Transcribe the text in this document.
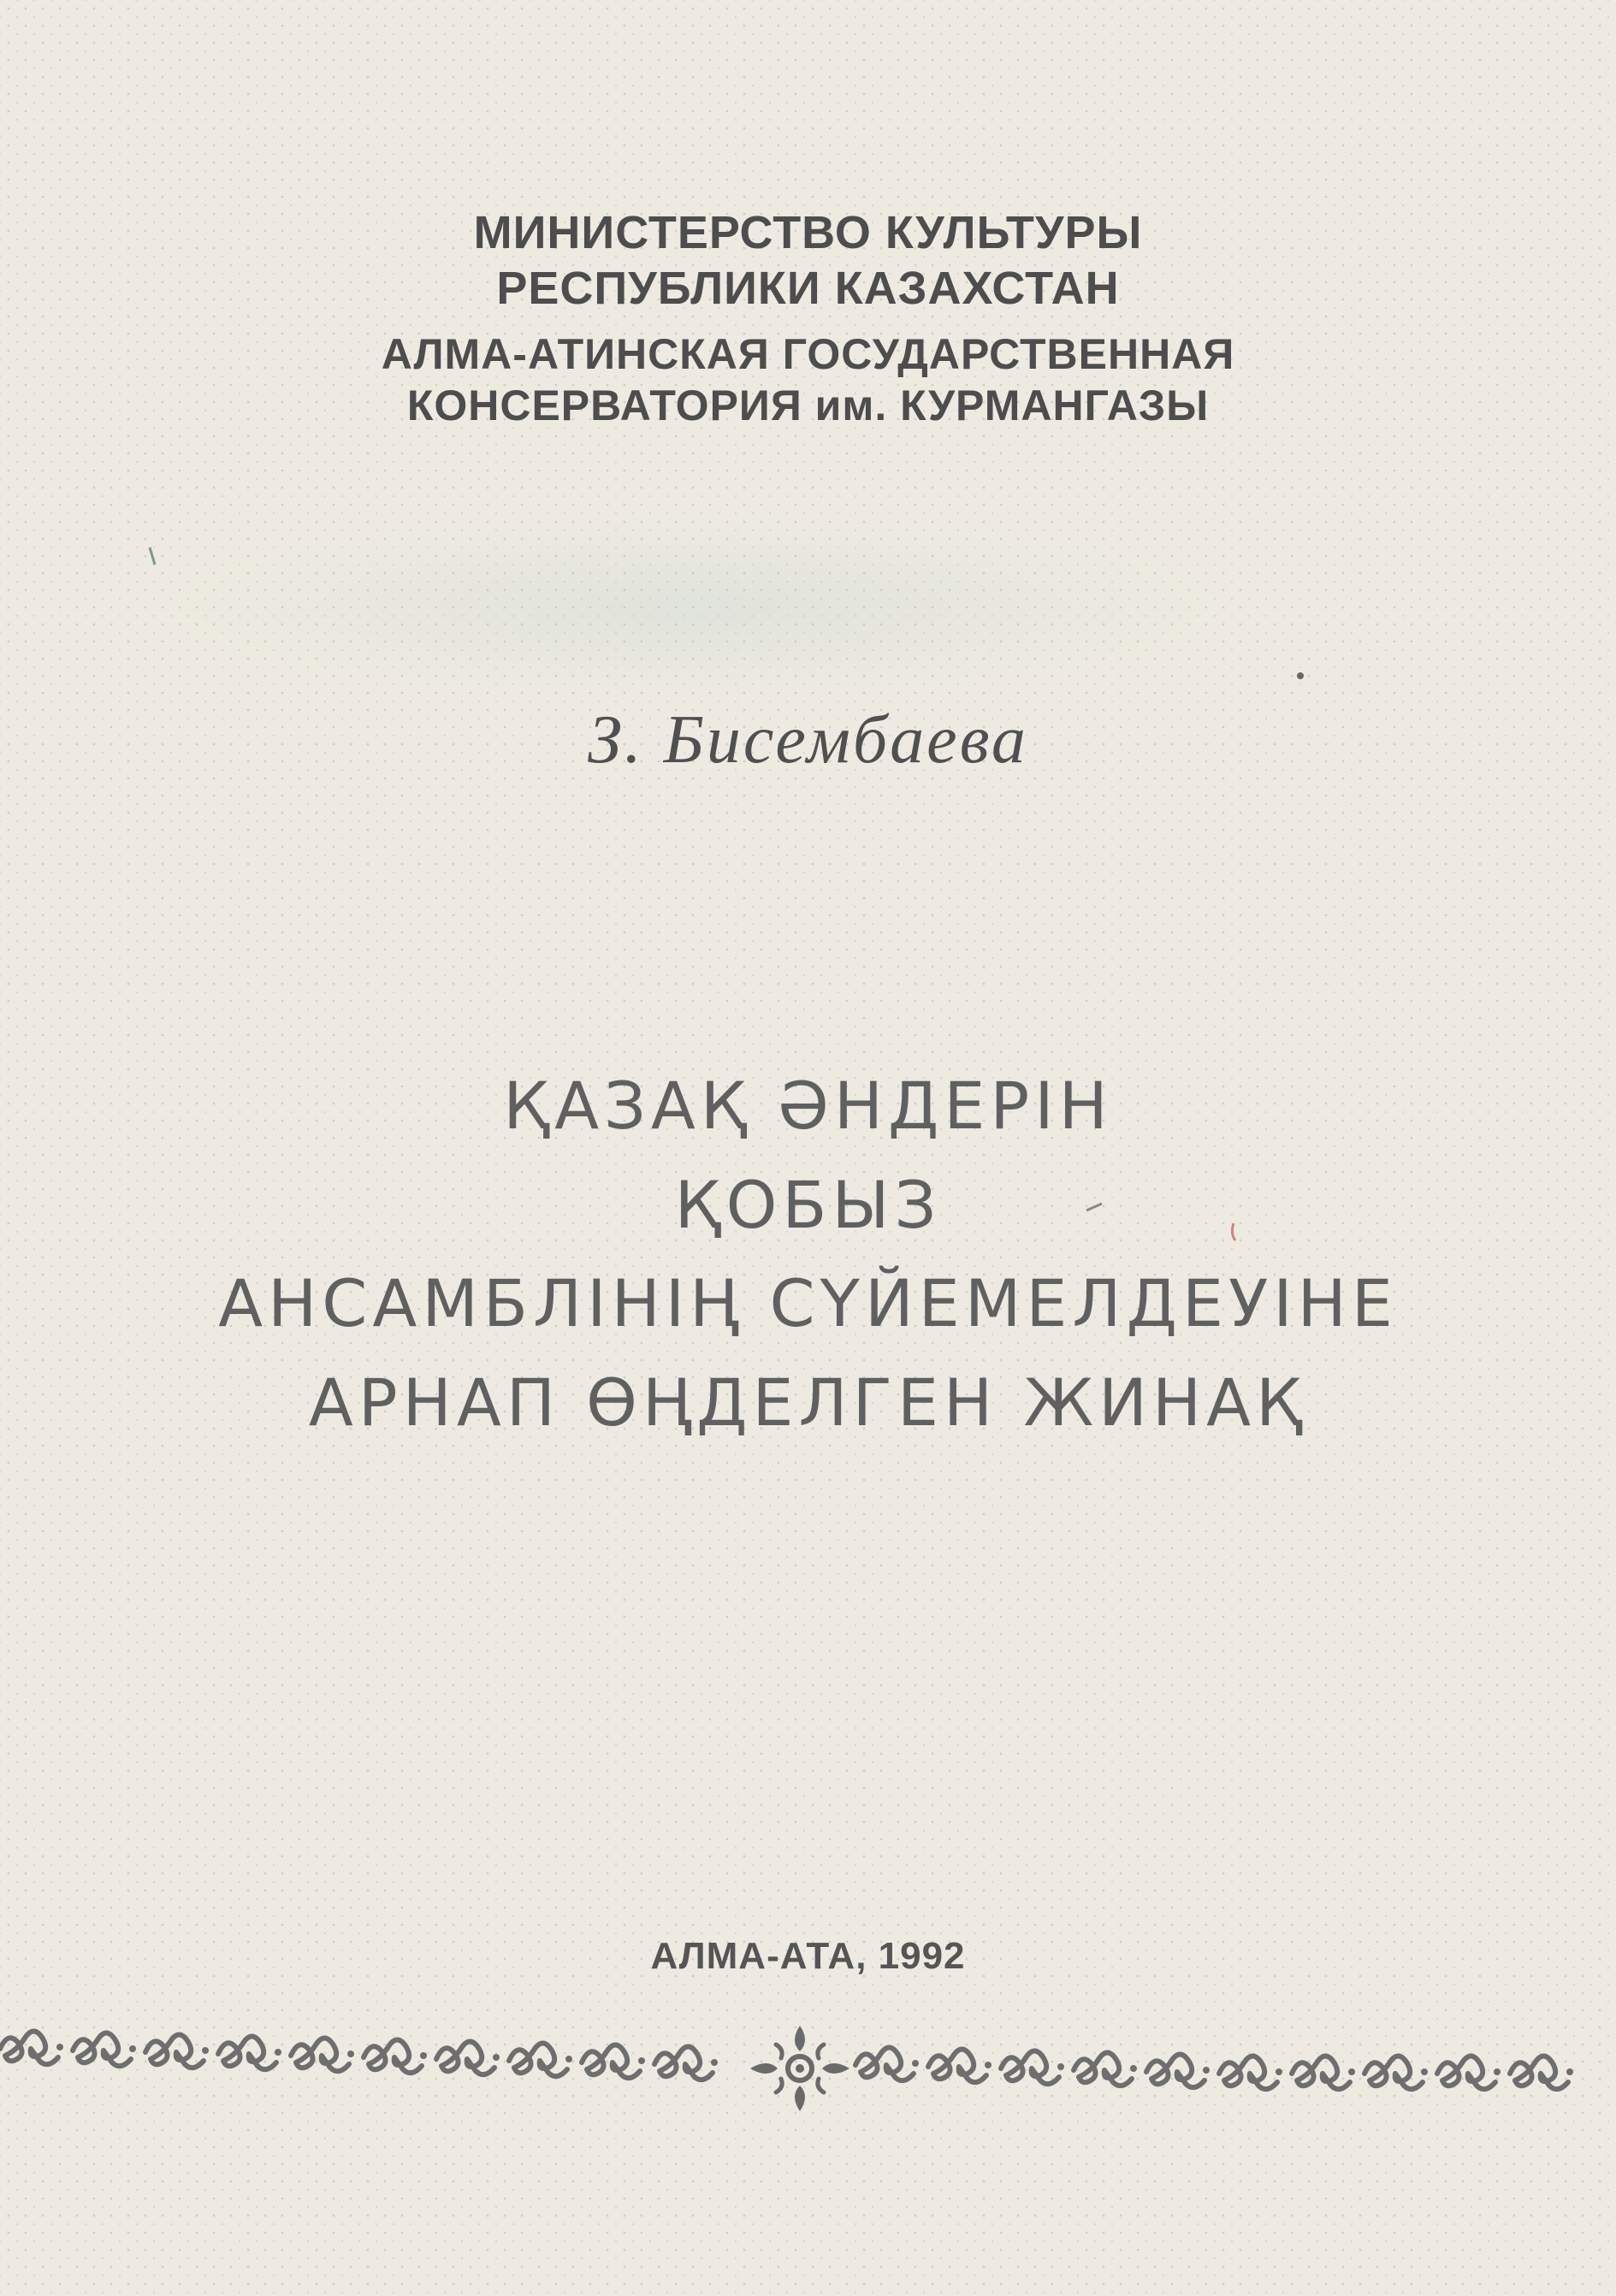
МИНИСТЕРСТВО КУЛЬТУРЫ
РЕСПУБЛИКИ КАЗАХСТАН
АЛМА-АТИНСКАЯ ГОСУДАРСТВЕННАЯ
КОНСЕРВАТОРИЯ им. КУРМАНГАЗЫ
З. Бисембаева
ҚАЗАҚ ӘНДЕРІН
ҚОБЫЗ
АНСАМБЛІНІҢ СҮЙЕМЕЛДЕУІНЕ
АРНАП ӨҢДЕЛГЕН ЖИНАҚ
АЛМА-АТА, 1992
